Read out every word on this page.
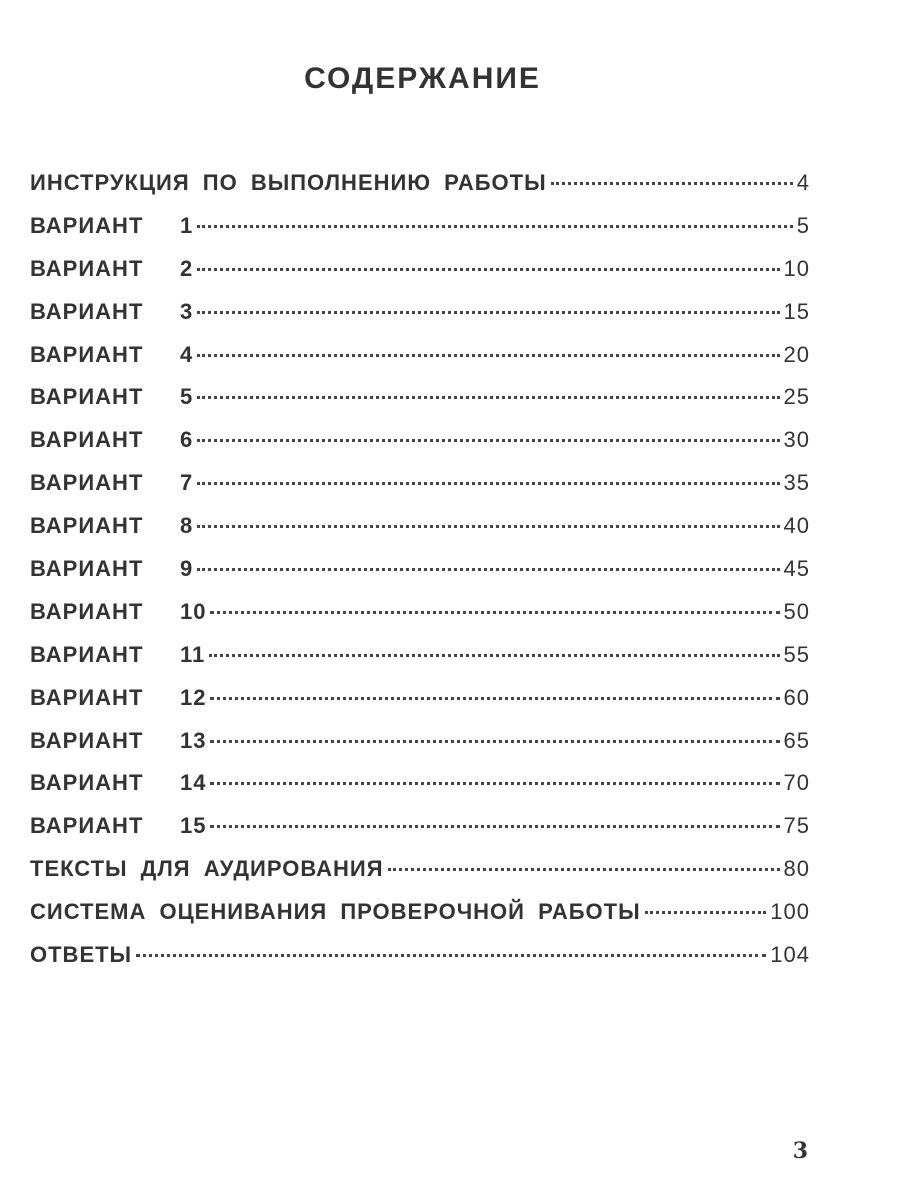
СОДЕРЖАНИЕ
ИНСТРУКЦИЯ ПО ВЫПОЛНЕНИЮ РАБОТЫ	4
ВАРИАНТ 1	5
ВАРИАНТ 2	10
ВАРИАНТ 3	15
ВАРИАНТ 4	20
ВАРИАНТ 5	25
ВАРИАНТ 6	30
ВАРИАНТ 7	35
ВАРИАНТ 8	40
ВАРИАНТ 9	45
ВАРИАНТ 10	50
ВАРИАНТ 11	55
ВАРИАНТ 12	60
ВАРИАНТ 13	65
ВАРИАНТ 14	70
ВАРИАНТ 15	75
ТЕКСТЫ ДЛЯ АУДИРОВАНИЯ	80
СИСТЕМА ОЦЕНИВАНИЯ ПРОВЕРОЧНОЙ РАБОТЫ	100
ОТВЕТЫ	104
3
